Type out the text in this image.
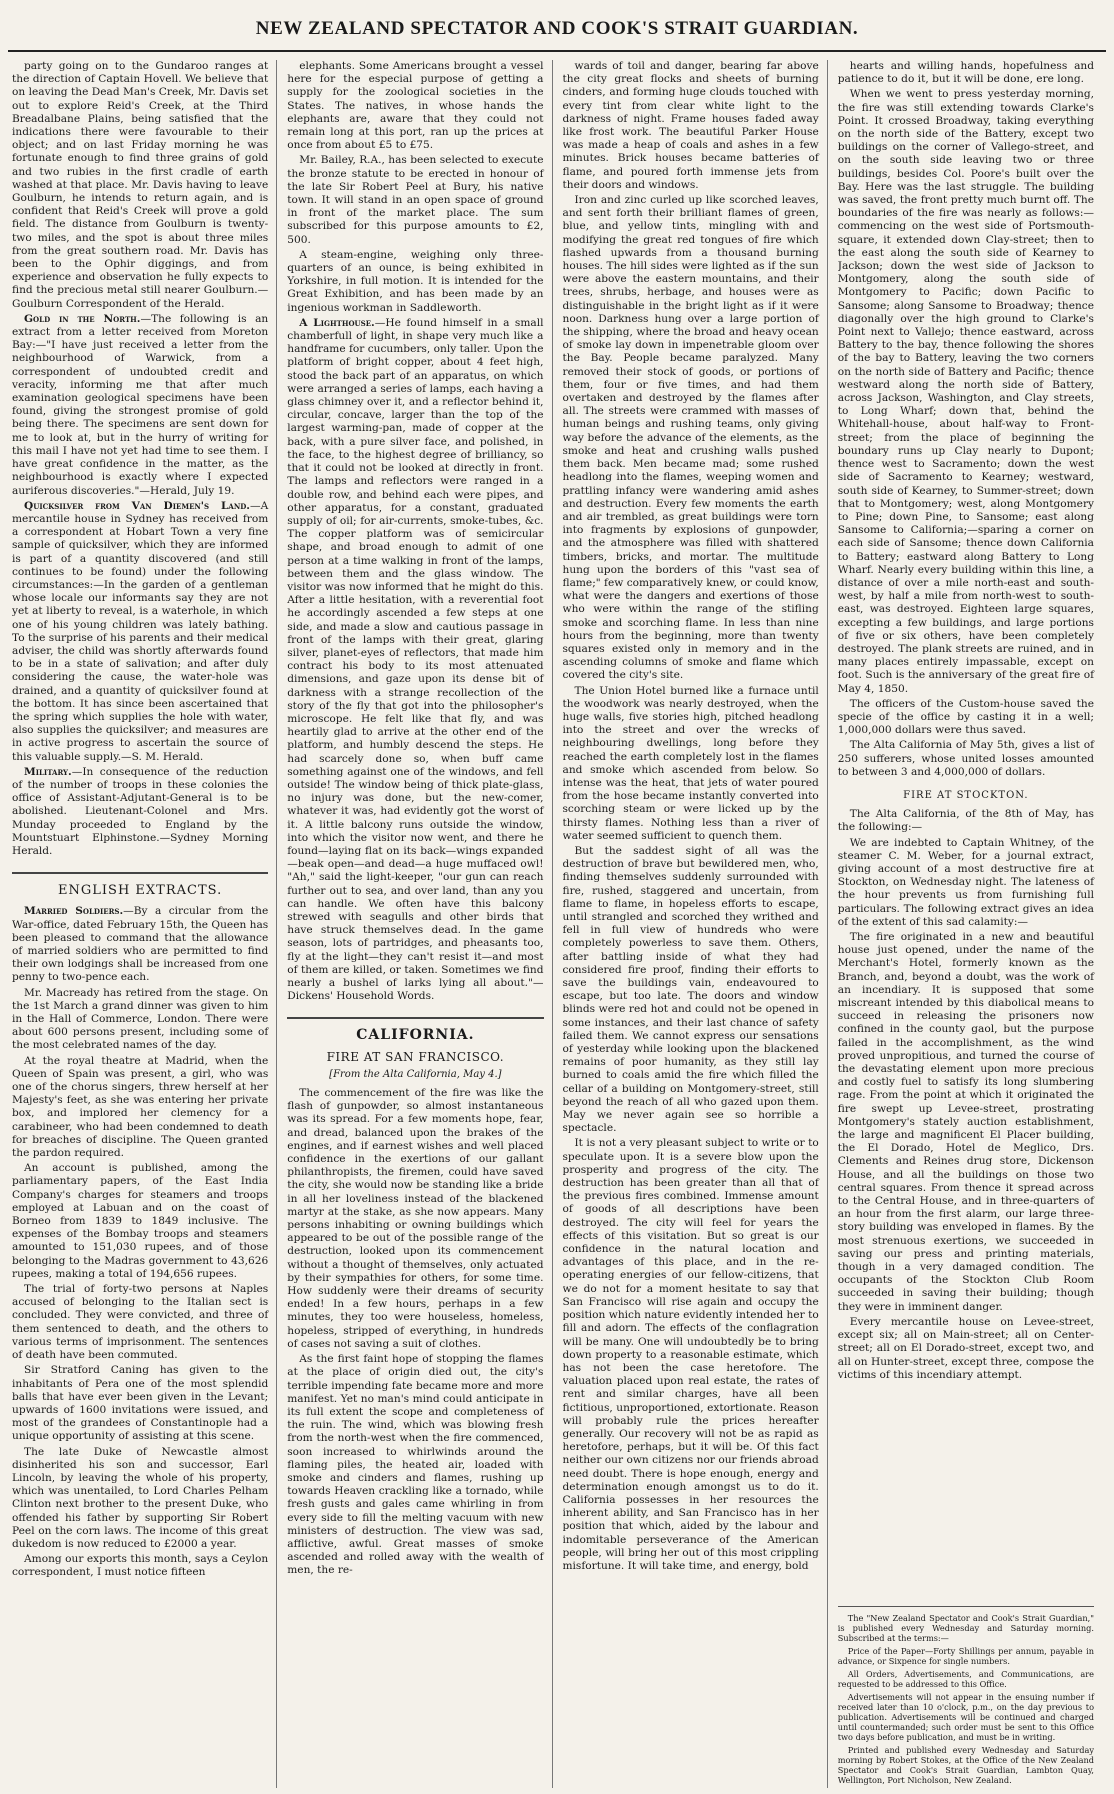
NEW ZEALAND SPECTATOR AND COOK'S STRAIT GUARDIAN.

party going on to the Gundaroo ranges at the direction of Captain Hovell. We believe that on leaving the Dead Man's Creek, Mr. Davis set out to explore Reid's Creek, at the Third Breadalbane Plains, being satisfied that the indications there were favourable to their object; and on last Friday morning he was fortunate enough to find three grains of gold and two rubies in the first cradle of earth washed at that place. Mr. Davis having to leave Goulburn, he intends to return again, and is confident that Reid's Creek will prove a gold field. The distance from Goulburn is twenty-two miles, and the spot is about three miles from the great southern road. Mr. Davis has been to the Ophir diggings, and from experience and observation he fully expects to find the precious metal still nearer Goulburn.—Goulburn Correspondent of the Herald.

Gold in the North.—The following is an extract from a letter received from Moreton Bay:—"I have just received a letter from the neighbourhood of Warwick, from a correspondent of undoubted credit and veracity, informing me that after much examination geological specimens have been found, giving the strongest promise of gold being there. The specimens are sent down for me to look at, but in the hurry of writing for this mail I have not yet had time to see them. I have great confidence in the matter, as the neighbourhood is exactly where I expected auriferous discoveries."—Herald, July 19.

Quicksilver from Van Diemen's Land.—A mercantile house in Sydney has received from a correspondent at Hobart Town a very fine sample of quicksilver, which they are informed is part of a quantity discovered (and still continues to be found) under the following circumstances:—In the garden of a gentleman whose locale our informants say they are not yet at liberty to reveal, is a waterhole, in which one of his young children was lately bathing. To the surprise of his parents and their medical adviser, the child was shortly afterwards found to be in a state of salivation; and after duly considering the cause, the water-hole was drained, and a quantity of quicksilver found at the bottom. It has since been ascertained that the spring which supplies the hole with water, also supplies the quicksilver; and measures are in active progress to ascertain the source of this valuable supply.—S. M. Herald.

Military.—In consequence of the reduction of the number of troops in these colonies the office of Assistant-Adjutant-General is to be abolished. Lieutenant-Colonel and Mrs. Munday proceeded to England by the Mountstuart Elphinstone.—Sydney Morning Herald.

ENGLISH EXTRACTS.

Married Soldiers.—By a circular from the War-office, dated February 15th, the Queen has been pleased to command that the allowance of married soldiers who are permitted to find their own lodgings shall be increased from one penny to two-pence each.

Mr. Macready has retired from the stage. On the 1st March a grand dinner was given to him in the Hall of Commerce, London. There were about 600 persons present, including some of the most celebrated names of the day.

At the royal theatre at Madrid, when the Queen of Spain was present, a girl, who was one of the chorus singers, threw herself at her Majesty's feet, as she was entering her private box, and implored her clemency for a carabineer, who had been condemned to death for breaches of discipline. The Queen granted the pardon required.

An account is published, among the parliamentary papers, of the East India Company's charges for steamers and troops employed at Labuan and on the coast of Borneo from 1839 to 1849 inclusive. The expenses of the Bombay troops and steamers amounted to 151,030 rupees, and of those belonging to the Madras government to 43,626 rupees, making a total of 194,656 rupees.

The trial of forty-two persons at Naples accused of belonging to the Italian sect is concluded. They were convicted, and three of them sentenced to death, and the others to various terms of imprisonment. The sentences of death have been commuted.

Sir Stratford Caning has given to the inhabitants of Pera one of the most splendid balls that have ever been given in the Levant; upwards of 1600 invitations were issued, and most of the grandees of Constantinople had a unique opportunity of assisting at this scene.

The late Duke of Newcastle almost disinherited his son and successor, Earl Lincoln, by leaving the whole of his property, which was unentailed, to Lord Charles Pelham Clinton next brother to the present Duke, who offended his father by supporting Sir Robert Peel on the corn laws. The income of this great dukedom is now reduced to £2000 a year.

Among our exports this month, says a Ceylon correspondent, I must notice fifteen

elephants. Some Americans brought a vessel here for the especial purpose of getting a supply for the zoological societies in the States. The natives, in whose hands the elephants are, aware that they could not remain long at this port, ran up the prices at once from about £5 to £75.

Mr. Bailey, R.A., has been selected to execute the bronze statute to be erected in honour of the late Sir Robert Peel at Bury, his native town. It will stand in an open space of ground in front of the market place. The sum subscribed for this purpose amounts to £2, 500.

A steam-engine, weighing only three-quarters of an ounce, is being exhibited in Yorkshire, in full motion. It is intended for the Great Exhibition, and has been made by an ingenious workman in Saddleworth.

A Lighthouse.—He found himself in a small chamberfull of light, in shape very much like a handframe for cucumbers, only taller. Upon the platform of bright copper, about 4 feet high, stood the back part of an apparatus, on which were arranged a series of lamps, each having a glass chimney over it, and a reflector behind it, circular, concave, larger than the top of the largest warming-pan, made of copper at the back, with a pure silver face, and polished, in the face, to the highest degree of brilliancy, so that it could not be looked at directly in front. The lamps and reflectors were ranged in a double row, and behind each were pipes, and other apparatus, for a constant, graduated supply of oil; for air-currents, smoke-tubes, &c. The copper platform was of semicircular shape, and broad enough to admit of one person at a time walking in front of the lamps, between them and the glass window. The visitor was now informed that he might do this. After a little hesitation, with a reverential foot he accordingly ascended a few steps at one side, and made a slow and cautious passage in front of the lamps with their great, glaring silver, planet-eyes of reflectors, that made him contract his body to its most attenuated dimensions, and gaze upon its dense bit of darkness with a strange recollection of the story of the fly that got into the philosopher's microscope. He felt like that fly, and was heartily glad to arrive at the other end of the platform, and humbly descend the steps. He had scarcely done so, when buff came something against one of the windows, and fell outside! The window being of thick plate-glass, no injury was done, but the new-comer, whatever it was, had evidently got the worst of it. A little balcony runs outside the window, into which the visitor now went, and there he found—laying flat on its back—wings expanded—beak open—and dead—a huge muffaced owl! "Ah," said the light-keeper, "our gun can reach further out to sea, and over land, than any you can handle. We often have this balcony strewed with seagulls and other birds that have struck themselves dead. In the game season, lots of partridges, and pheasants too, fly at the light—they can't resist it—and most of them are killed, or taken. Sometimes we find nearly a bushel of larks lying all about."—Dickens' Household Words.

CALIFORNIA.
FIRE AT SAN FRANCISCO.
[From the Alta California, May 4.]

The commencement of the fire was like the flash of gunpowder, so almost instantaneous was its spread. For a few moments hope, fear, and dread, balanced upon the brakes of the engines, and if earnest wishes and well placed confidence in the exertions of our gallant philanthropists, the firemen, could have saved the city, she would now be standing like a bride in all her loveliness instead of the blackened martyr at the stake, as she now appears. Many persons inhabiting or owning buildings which appeared to be out of the possible range of the destruction, looked upon its commencement without a thought of themselves, only actuated by their sympathies for others, for some time. How suddenly were their dreams of security ended! In a few hours, perhaps in a few minutes, they too were houseless, homeless, hopeless, stripped of everything, in hundreds of cases not saving a suit of clothes.

As the first faint hope of stopping the flames at the place of origin died out, the city's terrible impending fate became more and more manifest. Yet no man's mind could anticipate in its full extent the scope and completeness of the ruin. The wind, which was blowing fresh from the north-west when the fire commenced, soon increased to whirlwinds around the flaming piles, the heated air, loaded with smoke and cinders and flames, rushing up towards Heaven crackling like a tornado, while fresh gusts and gales came whirling in from every side to fill the melting vacuum with new ministers of destruction. The view was sad, afflictive, awful. Great masses of smoke ascended and rolled away with the wealth of men, the re-

wards of toil and danger, bearing far above the city great flocks and sheets of burning cinders, and forming huge clouds touched with every tint from clear white light to the darkness of night. Frame houses faded away like frost work. The beautiful Parker House was made a heap of coals and ashes in a few minutes. Brick houses became batteries of flame, and poured forth immense jets from their doors and windows.

Iron and zinc curled up like scorched leaves, and sent forth their brilliant flames of green, blue, and yellow tints, mingling with and modifying the great red tongues of fire which flashed upwards from a thousand burning houses. The hill sides were lighted as if the sun were above the eastern mountains, and their trees, shrubs, herbage, and houses were as distinguishable in the bright light as if it were noon. Darkness hung over a large portion of the shipping, where the broad and heavy ocean of smoke lay down in impenetrable gloom over the Bay. People became paralyzed. Many removed their stock of goods, or portions of them, four or five times, and had them overtaken and destroyed by the flames after all. The streets were crammed with masses of human beings and rushing teams, only giving way before the advance of the elements, as the smoke and heat and crushing walls pushed them back. Men became mad; some rushed headlong into the flames, weeping women and prattling infancy were wandering amid ashes and destruction. Every few moments the earth and air trembled, as great buildings were torn into fragments by explosions of gunpowder, and the atmosphere was filled with shattered timbers, bricks, and mortar. The multitude hung upon the borders of this "vast sea of flame;" few comparatively knew, or could know, what were the dangers and exertions of those who were within the range of the stifling smoke and scorching flame. In less than nine hours from the beginning, more than twenty squares existed only in memory and in the ascending columns of smoke and flame which covered the city's site.

The Union Hotel burned like a furnace until the woodwork was nearly destroyed, when the huge walls, five stories high, pitched headlong into the street and over the wrecks of neighbouring dwellings, long before they reached the earth completely lost in the flames and smoke which ascended from below. So intense was the heat, that jets of water poured from the hose became instantly converted into scorching steam or were licked up by the thirsty flames. Nothing less than a river of water seemed sufficient to quench them.

But the saddest sight of all was the destruction of brave but bewildered men, who, finding themselves suddenly surrounded with fire, rushed, staggered and uncertain, from flame to flame, in hopeless efforts to escape, until strangled and scorched they writhed and fell in full view of hundreds who were completely powerless to save them. Others, after battling inside of what they had considered fire proof, finding their efforts to save the buildings vain, endeavoured to escape, but too late. The doors and window blinds were red hot and could not be opened in some instances, and their last chance of safety failed them. We cannot express our sensations of yesterday while looking upon the blackened remains of poor humanity, as they still lay burned to coals amid the fire which filled the cellar of a building on Montgomery-street, still beyond the reach of all who gazed upon them. May we never again see so horrible a spectacle.

It is not a very pleasant subject to write or to speculate upon. It is a severe blow upon the prosperity and progress of the city. The destruction has been greater than all that of the previous fires combined. Immense amount of goods of all descriptions have been destroyed. The city will feel for years the effects of this visitation. But so great is our confidence in the natural location and advantages of this place, and in the re-operating energies of our fellow-citizens, that we do not for a moment hesitate to say that San Francisco will rise again and occupy the position which nature evidently intended her to fill and adorn. The effects of the conflagration will be many. One will undoubtedly be to bring down property to a reasonable estimate, which has not been the case heretofore. The valuation placed upon real estate, the rates of rent and similar charges, have all been fictitious, unproportioned, extortionate. Reason will probably rule the prices hereafter generally. Our recovery will not be as rapid as heretofore, perhaps, but it will be. Of this fact neither our own citizens nor our friends abroad need doubt. There is hope enough, energy and determination enough amongst us to do it. California possesses in her resources the inherent ability, and San Francisco has in her position that which, aided by the labour and indomitable perseverance of the American people, will bring her out of this most crippling misfortune. It will take time, and energy, bold

hearts and willing hands, hopefulness and patience to do it, but it will be done, ere long.

When we went to press yesterday morning, the fire was still extending towards Clarke's Point. It crossed Broadway, taking everything on the north side of the Battery, except two buildings on the corner of Vallego-street, and on the south side leaving two or three buildings, besides Col. Poore's built over the Bay. Here was the last struggle. The building was saved, the front pretty much burnt off. The boundaries of the fire was nearly as follows:—commencing on the west side of Portsmouth-square, it extended down Clay-street; then to the east along the south side of Kearney to Jackson; down the west side of Jackson to Montgomery, along the south side of Montgomery to Pacific; down Pacific to Sansome; along Sansome to Broadway; thence diagonally over the high ground to Clarke's Point next to Vallejo; thence eastward, across Battery to the bay, thence following the shores of the bay to Battery, leaving the two corners on the north side of Battery and Pacific; thence westward along the north side of Battery, across Jackson, Washington, and Clay streets, to Long Wharf; down that, behind the Whitehall-house, about half-way to Front-street; from the place of beginning the boundary runs up Clay nearly to Dupont; thence west to Sacramento; down the west side of Sacramento to Kearney; westward, south side of Kearney, to Summer-street; down that to Montgomery; west, along Montgomery to Pine; down Pine, to Sansome; east along Sansome to California;—sparing a corner on each side of Sansome; thence down California to Battery; eastward along Battery to Long Wharf. Nearly every building within this line, a distance of over a mile north-east and south-west, by half a mile from north-west to south-east, was destroyed. Eighteen large squares, excepting a few buildings, and large portions of five or six others, have been completely destroyed. The plank streets are ruined, and in many places entirely impassable, except on foot. Such is the anniversary of the great fire of May 4, 1850.

The officers of the Custom-house saved the specie of the office by casting it in a well; 1,000,000 dollars were thus saved.

The Alta California of May 5th, gives a list of 250 sufferers, whose united losses amounted to between 3 and 4,000,000 of dollars.

FIRE AT STOCKTON.

The Alta California, of the 8th of May, has the following:—

We are indebted to Captain Whitney, of the steamer C. M. Weber, for a journal extract, giving account of a most destructive fire at Stockton, on Wednesday night. The lateness of the hour prevents us from furnishing full particulars. The following extract gives an idea of the extent of this sad calamity:—

The fire originated in a new and beautiful house just opened, under the name of the Merchant's Hotel, formerly known as the Branch, and, beyond a doubt, was the work of an incendiary. It is supposed that some miscreant intended by this diabolical means to succeed in releasing the prisoners now confined in the county gaol, but the purpose failed in the accomplishment, as the wind proved unpropitious, and turned the course of the devastating element upon more precious and costly fuel to satisfy its long slumbering rage. From the point at which it originated the fire swept up Levee-street, prostrating Montgomery's stately auction establishment, the large and magnificent El Placer building, the El Dorado, Hotel de Meglico, Drs. Clements and Reines drug store, Dickenson House, and all the buildings on those two central squares. From thence it spread across to the Central House, and in three-quarters of an hour from the first alarm, our large three-story building was enveloped in flames. By the most strenuous exertions, we succeeded in saving our press and printing materials, though in a very damaged condition. The occupants of the Stockton Club Room succeeded in saving their building; though they were in imminent danger.

Every mercantile house on Levee-street, except six; all on Main-street; all on Center-street; all on El Dorado-street, except two, and all on Hunter-street, except three, compose the victims of this incendiary attempt.

The "New Zealand Spectator and Cook's Strait Guardian," is published every Wednesday and Saturday morning. Subscribed at the terms:—

Price of the Paper—Forty Shillings per annum, payable in advance, or Sixpence for single numbers.

All Orders, Advertisements, and Communications, are requested to be addressed to this Office.

Advertisements will not appear in the ensuing number if received later than 10 o'clock, p.m., on the day previous to publication. Advertisements will be continued and charged until countermanded; such order must be sent to this Office two days before publication, and must be in writing.

Printed and published every Wednesday and Saturday morning by Robert Stokes, at the Office of the New Zealand Spectator and Cook's Strait Guardian, Lambton Quay, Wellington, Port Nicholson, New Zealand.
